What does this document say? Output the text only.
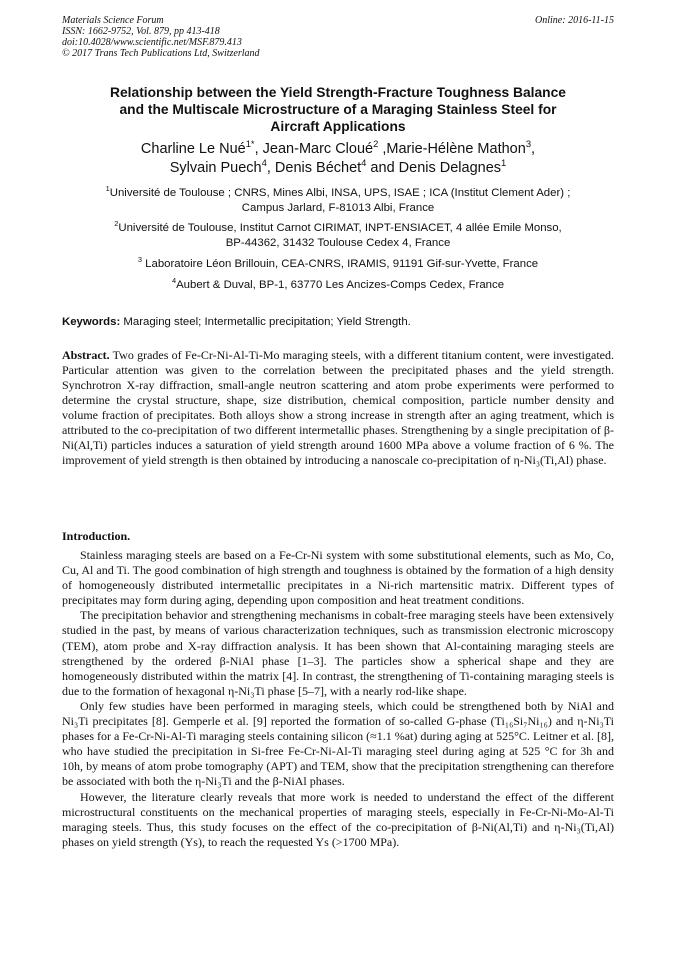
Materials Science Forum
ISSN: 1662-9752, Vol. 879, pp 413-418
doi:10.4028/www.scientific.net/MSF.879.413
© 2017 Trans Tech Publications Ltd, Switzerland
Online: 2016-11-15
Relationship between the Yield Strength-Fracture Toughness Balance
and the Multiscale Microstructure of a Maraging Stainless Steel for
Aircraft Applications
Charline Le Nué$^{1*}$, Jean-Marc Cloué$^2$ ,Marie-Hélène Mathon$^3$,
Sylvain Puech$^4$, Denis Béchet$^4$ and Denis Delagnes$^1$
$^1$Université de Toulouse ; CNRS, Mines Albi, INSA, UPS, ISAE ; ICA (Institut Clement Ader) ;
Campus Jarlard, F-81013 Albi, France
$^2$Université de Toulouse, Institut Carnot CIRIMAT, INPT-ENSIACET, 4 allée Emile Monso,
BP-44362, 31432 Toulouse Cedex 4, France
$^3$ Laboratoire Léon Brillouin, CEA-CNRS, IRAMIS, 91191 Gif-sur-Yvette, France
$^4$Aubert & Duval, BP-1, 63770 Les Ancizes-Comps Cedex, France
Keywords: Maraging steel; Intermetallic precipitation; Yield Strength.
Abstract. Two grades of Fe-Cr-Ni-Al-Ti-Mo maraging steels, with a different titanium content, were investigated. Particular attention was given to the correlation between the precipitated phases and the yield strength. Synchrotron X-ray diffraction, small-angle neutron scattering and atom probe experiments were performed to determine the crystal structure, shape, size distribution, chemical composition, particle number density and volume fraction of precipitates. Both alloys show a strong increase in strength after an aging treatment, which is attributed to the co-precipitation of two different intermetallic phases. Strengthening by a single precipitation of β-Ni(Al,Ti) particles induces a saturation of yield strength around 1600 MPa above a volume fraction of 6 %. The improvement of yield strength is then obtained by introducing a nanoscale co-precipitation of η-Ni₃(Ti,Al) phase.
Introduction.

Stainless maraging steels are based on a Fe-Cr-Ni system with some substitutional elements, such as Mo, Co, Cu, Al and Ti. The good combination of high strength and toughness is obtained by the formation of a high density of homogeneously distributed intermetallic precipitates in a Ni-rich martensitic matrix. Different types of precipitates may form during aging, depending upon composition and heat treatment conditions.

The precipitation behavior and strengthening mechanisms in cobalt-free maraging steels have been extensively studied in the past, by means of various characterization techniques, such as transmission electronic microscopy (TEM), atom probe and X-ray diffraction analysis. It has been shown that Al-containing maraging steels are strengthened by the ordered β-NiAl phase [1–3]. The particles show a spherical shape and they are homogeneously distributed within the matrix [4]. In contrast, the strengthening of Ti-containing maraging steels is due to the formation of hexagonal η-Ni₃Ti phase [5–7], with a nearly rod-like shape.

Only few studies have been performed in maraging steels, which could be strengthened both by NiAl and Ni₃Ti precipitates [8]. Gemperle et al. [9] reported the formation of so-called G-phase (Ti₁₆Si₇Ni₁₆) and η-Ni₃Ti phases for a Fe-Cr-Ni-Al-Ti maraging steels containing silicon (≈1.1 %at) during aging at 525°C. Leitner et al. [8], who have studied the precipitation in Si-free Fe-Cr-Ni-Al-Ti maraging steel during aging at 525 °C for 3h and 10h, by means of atom probe tomography (APT) and TEM, show that the precipitation strengthening can therefore be associated with both the η-Ni₃Ti and the β-NiAl phases.

However, the literature clearly reveals that more work is needed to understand the effect of the different microstructural constituents on the mechanical properties of maraging steels, especially in Fe-Cr-Ni-Mo-Al-Ti maraging steels. Thus, this study focuses on the effect of the co-precipitation of β-Ni(Al,Ti) and η-Ni₃(Ti,Al) phases on yield strength (Ys), to reach the requested Ys (>1700 MPa).
